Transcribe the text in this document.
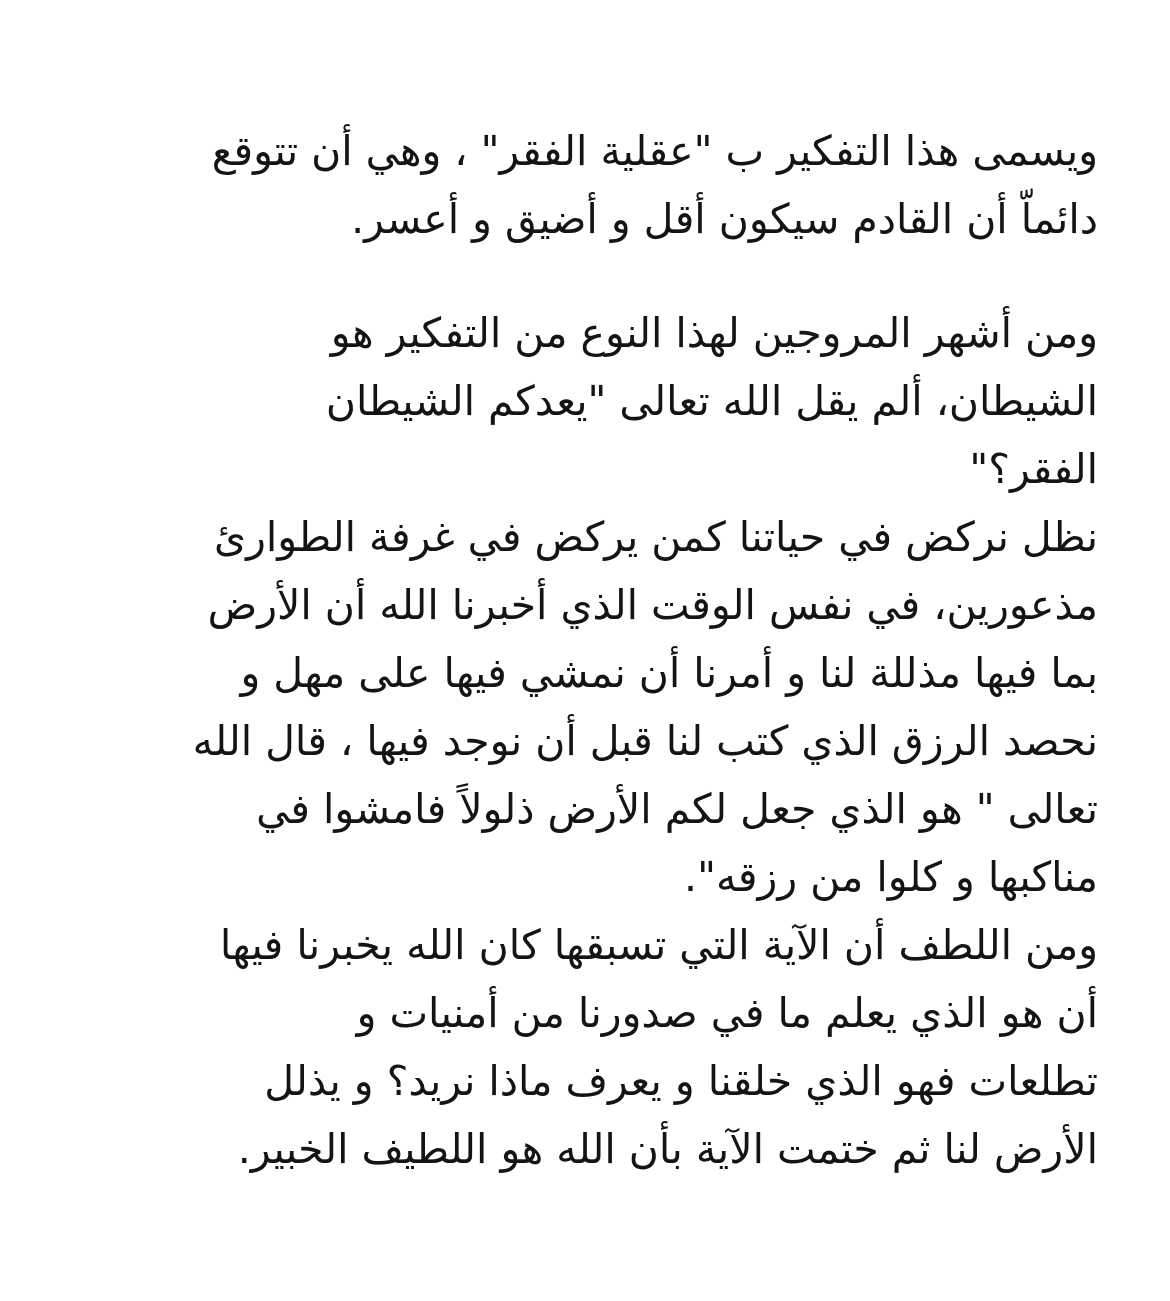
ويسمى هذا التفكير ب "عقلية الفقر" ، وهي أن تتوقع
دائماّ أن القادم سيكون أقل و أضيق و أعسر.
ومن أشهر المروجين لهذا النوع من التفكير هو
الشيطان، ألم يقل الله تعالى "يعدكم الشيطان
الفقر؟"
نظل نركض في حياتنا كمن يركض في غرفة الطوارئ
مذعورين، في نفس الوقت الذي أخبرنا الله أن الأرض
بما فيها مذللة لنا و أمرنا أن نمشي فيها على مهل و
نحصد الرزق الذي كتب لنا قبل أن نوجد فيها ، قال الله
تعالى " هو الذي جعل لكم الأرض ذلولاً فامشوا في
مناكبها و كلوا من رزقه".
ومن اللطف أن الآية التي تسبقها كان الله يخبرنا فيها
أن هو الذي يعلم ما في صدورنا من أمنيات و
تطلعات فهو الذي خلقنا و يعرف ماذا نريد؟ و يذلل
الأرض لنا ثم ختمت الآية بأن الله هو اللطيف الخبير.
